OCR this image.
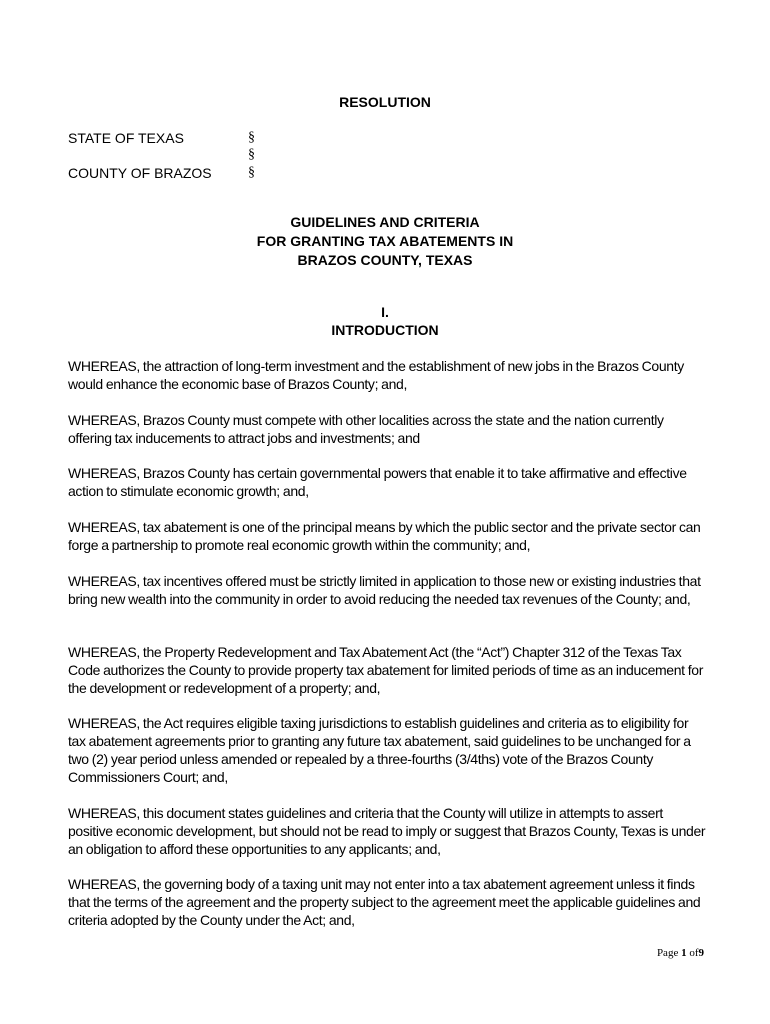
RESOLUTION
STATE OF TEXAS	§
§
COUNTY OF BRAZOS	§
GUIDELINES AND CRITERIA
FOR GRANTING TAX ABATEMENTS IN
BRAZOS COUNTY, TEXAS
I.
INTRODUCTION
WHEREAS, the attraction of long-term investment and the establishment of new jobs in the Brazos County would enhance the economic base of Brazos County; and,
WHEREAS, Brazos County must compete with other localities across the state and the nation currently offering tax inducements to attract jobs and investments; and
WHEREAS, Brazos County has certain governmental powers that enable it to take affirmative and effective action to stimulate economic growth; and,
WHEREAS, tax abatement is one of the principal means by which the public sector and the private sector can forge a partnership to promote real economic growth within the community; and,
WHEREAS, tax incentives offered must be strictly limited in application to those new or existing industries that bring new wealth into the community in order to avoid reducing the needed tax revenues of the County; and,
WHEREAS, the Property Redevelopment and Tax Abatement Act (the “Act”) Chapter 312 of the Texas Tax Code authorizes the County to provide property tax abatement for limited periods of time as an inducement for the development or redevelopment of a property; and,
WHEREAS, the Act requires eligible taxing jurisdictions to establish guidelines and criteria as to eligibility for tax abatement agreements prior to granting any future tax abatement, said guidelines to be unchanged for a two (2) year period unless amended or repealed by a three-fourths (3/4ths) vote of the Brazos County Commissioners Court; and,
WHEREAS, this document states guidelines and criteria that the County will utilize in attempts to assert positive economic development, but should not be read to imply or suggest that Brazos County, Texas is under an obligation to afford these opportunities to any applicants; and,
WHEREAS, the governing body of a taxing unit may not enter into a tax abatement agreement unless it finds that the terms of the agreement and the property subject to the agreement meet the applicable guidelines and criteria adopted by the County under the Act; and,
Page 1 of9
